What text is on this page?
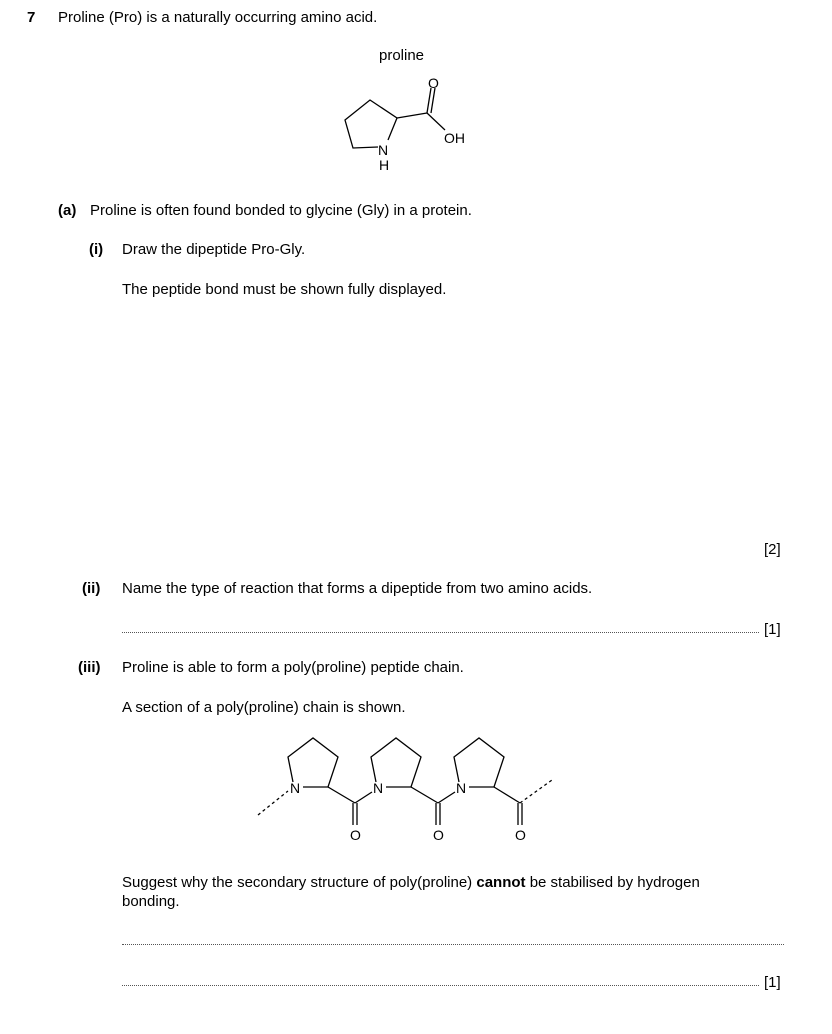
7 Proline (Pro) is a naturally occurring amino acid.
proline
O
OH
N
H
N	N	N
O	O	O
(a) Proline is often found bonded to glycine (Gly) in a protein.
(i) Draw the dipeptide Pro-Gly.
The peptide bond must be shown fully displayed.
[2]
(ii) Name the type of reaction that forms a dipeptide from two amino acids.
[1]
(iii) Proline is able to form a poly(proline) peptide chain.
A section of a poly(proline) chain is shown.
Suggest why the secondary structure of poly(proline) cannot be stabilised by hydrogen
bonding.
[1]
